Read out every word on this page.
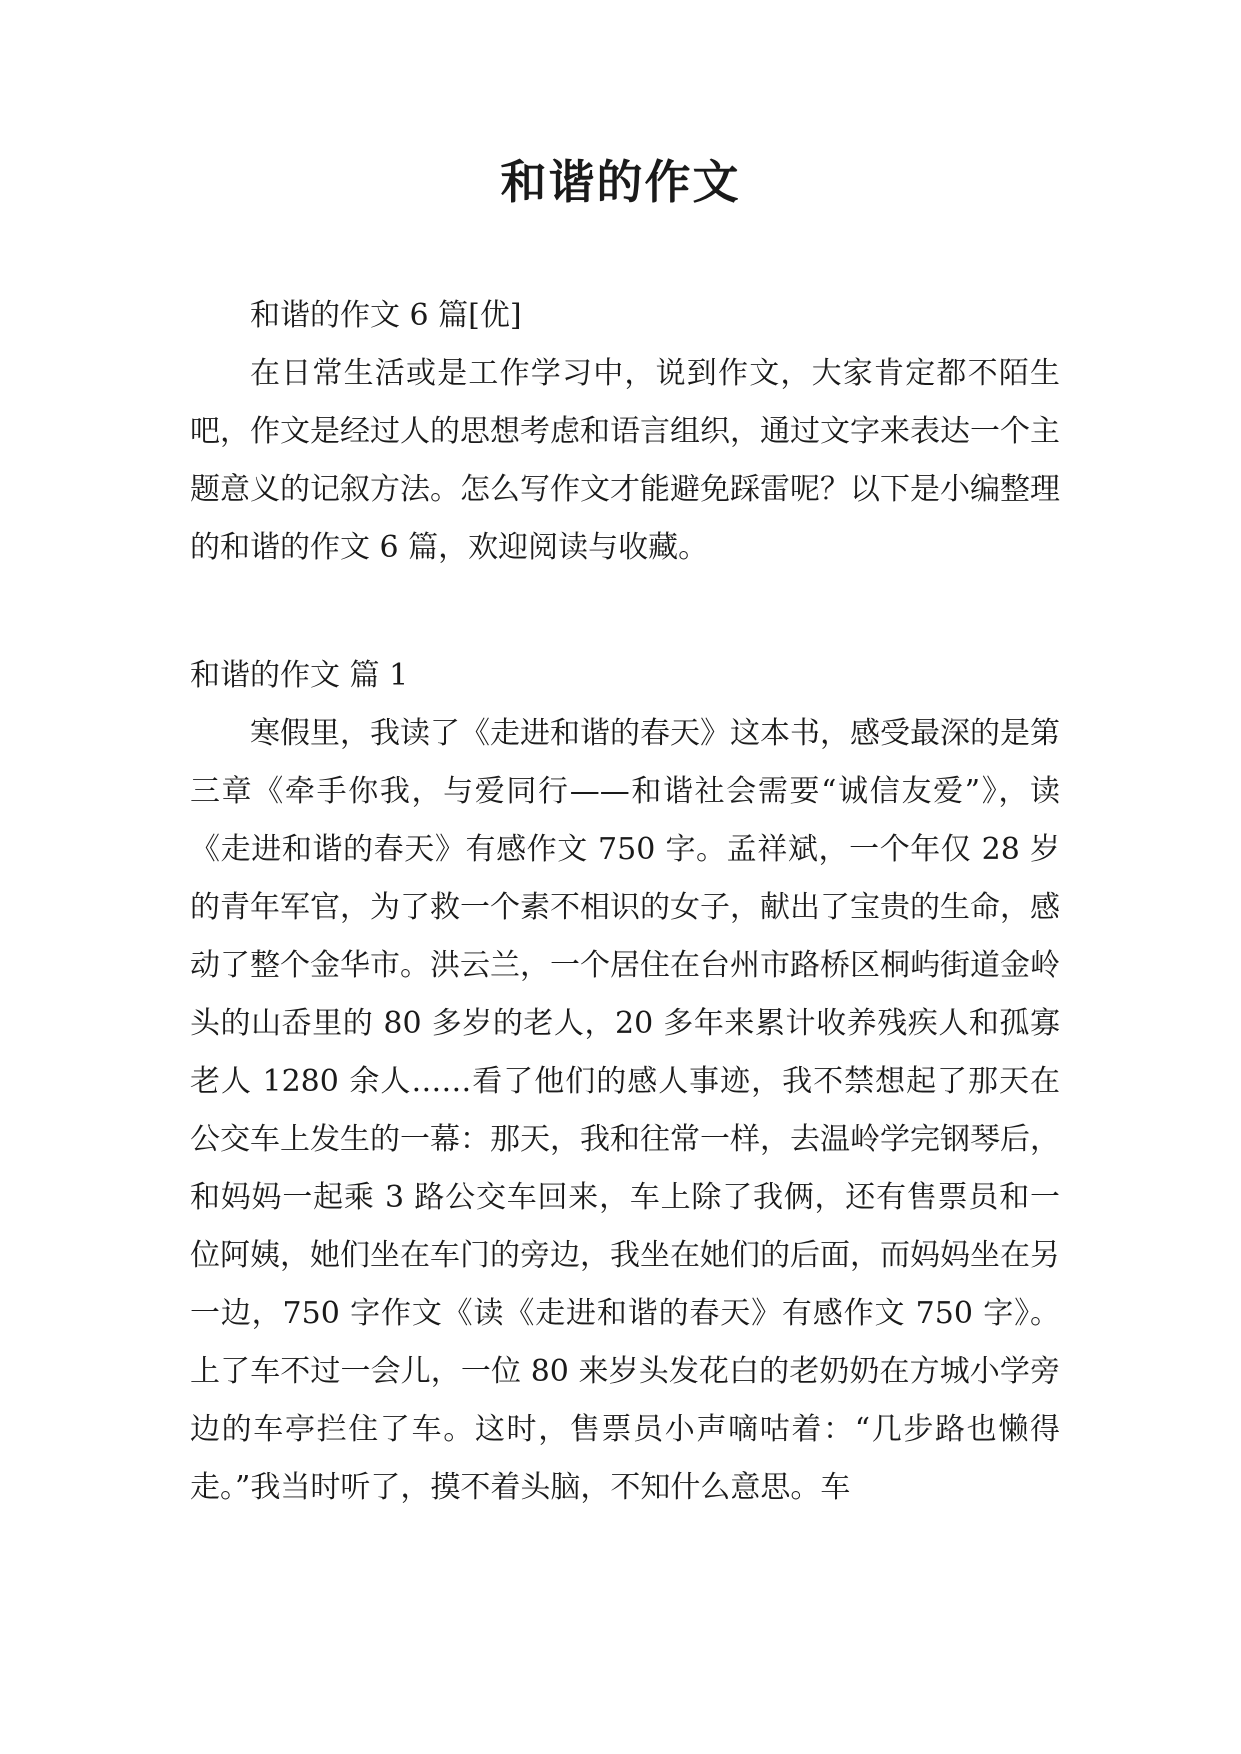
和谐的作文

和谐的作文 6 篇[优]

在日常生活或是工作学习中，说到作文，大家肯定都不陌生吧，作文是经过人的思想考虑和语言组织，通过文字来表达一个主题意义的记叙方法。怎么写作文才能避免踩雷呢？以下是小编整理的和谐的作文 6 篇，欢迎阅读与收藏。

和谐的作文 篇 1

寒假里，我读了《走进和谐的春天》这本书，感受最深的是第三章《牵手你我，与爱同行——和谐社会需要“诚信友爱”》，读《走进和谐的春天》有感作文 750 字。孟祥斌，一个年仅 28 岁的青年军官，为了救一个素不相识的女子，献出了宝贵的生命，感动了整个金华市。洪云兰，一个居住在台州市路桥区桐屿街道金岭头的山岙里的 80 多岁的老人，20 多年来累计收养残疾人和孤寡老人 1280 余人……看了他们的感人事迹，我不禁想起了那天在公交车上发生的一幕：那天，我和往常一样，去温岭学完钢琴后，和妈妈一起乘 3 路公交车回来，车上除了我俩，还有售票员和一位阿姨，她们坐在车门的旁边，我坐在她们的后面，而妈妈坐在另一边，750 字作文《读《走进和谐的春天》有感作文 750 字》。上了车不过一会儿，一位 80 来岁头发花白的老奶奶在方城小学旁边的车亭拦住了车。这时，售票员小声嘀咕着：“几步路也懒得走。”我当时听了，摸不着头脑，不知什么意思。车
